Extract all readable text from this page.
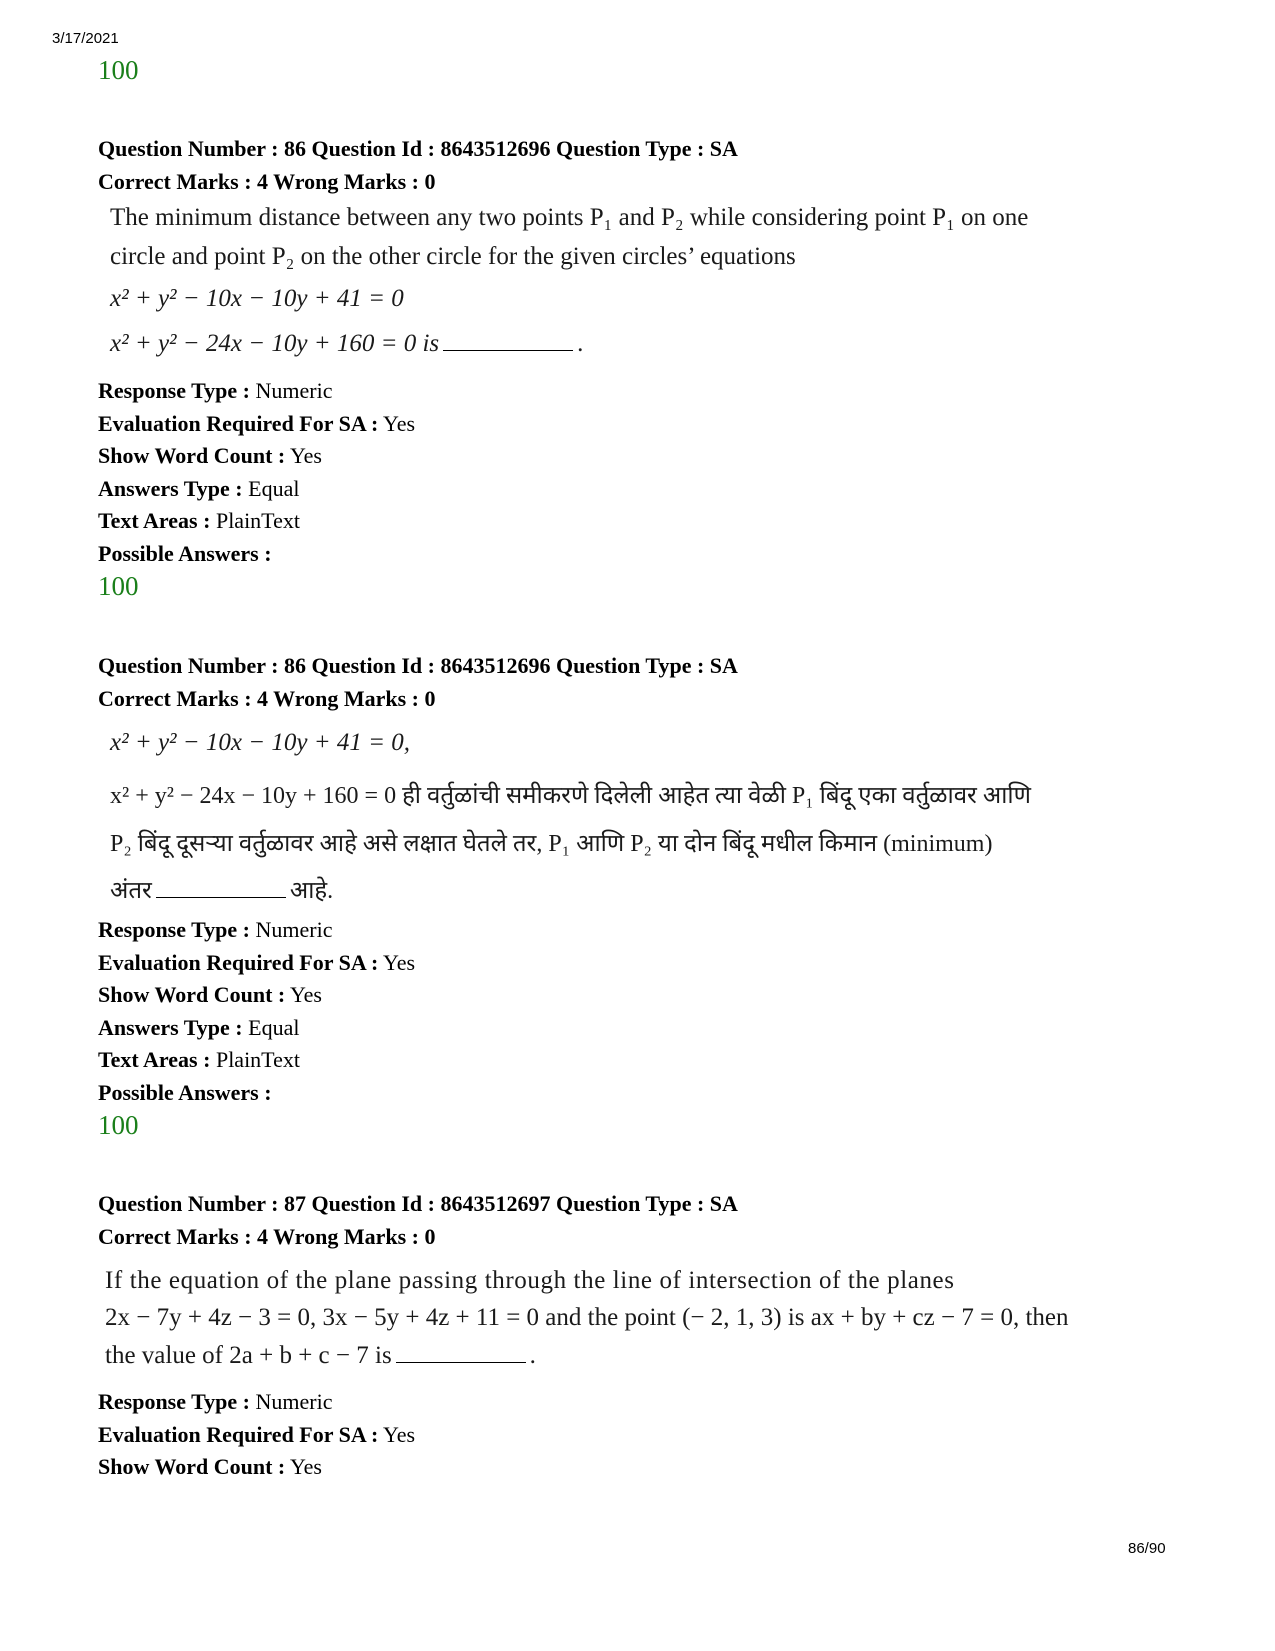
3/17/2021
100
Question Number : 86 Question Id : 8643512696 Question Type : SA
Correct Marks : 4 Wrong Marks : 0
The minimum distance between any two points P₁ and P₂ while considering point P₁ on one
circle and point P₂ on the other circle for the given circles’ equations
x² + y² − 10x − 10y + 41 = 0
x² + y² − 24x − 10y + 160 = 0 is	.
Response Type : Numeric
Evaluation Required For SA : Yes
Show Word Count : Yes
Answers Type : Equal
Text Areas : PlainText
Possible Answers :
100
Question Number : 86 Question Id : 8643512696 Question Type : SA
Correct Marks : 4 Wrong Marks : 0
x² + y² − 10x − 10y + 41 = 0,
x² + y² − 24x − 10y + 160 = 0 ही वर्तुळांची समीकरणे दिलेली आहेत त्या वेळी P₁ बिंदू एका वर्तुळावर आणि
P₂ बिंदू दूसऱ्या वर्तुळावर आहे असे लक्षात घेतले तर, P₁ आणि P₂ या दोन बिंदू मधील किमान (minimum)
अंतर	आहे.
Response Type : Numeric
Evaluation Required For SA : Yes
Show Word Count : Yes
Answers Type : Equal
Text Areas : PlainText
Possible Answers :
100
Question Number : 87 Question Id : 8643512697 Question Type : SA
Correct Marks : 4 Wrong Marks : 0
If the equation of the plane passing through the line of intersection of the planes
2x − 7y + 4z − 3 = 0, 3x − 5y + 4z + 11 = 0 and the point (− 2, 1, 3) is ax + by + cz − 7 = 0, then
the value of 2a + b + c − 7 is	.
Response Type : Numeric
Evaluation Required For SA : Yes
Show Word Count : Yes
86/90
